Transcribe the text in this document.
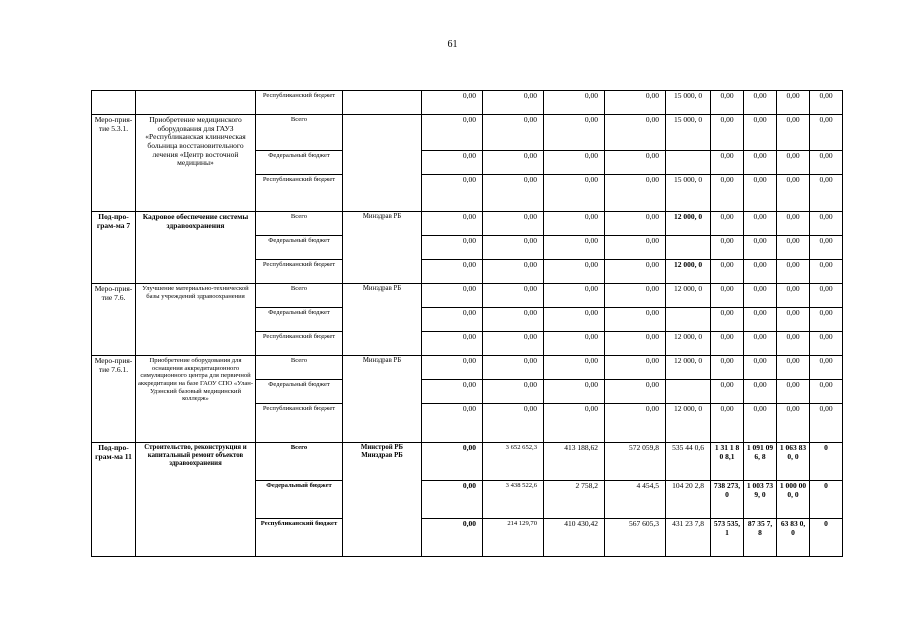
61
		Республиканский бюджет		0,00	0,00	0,00	0,00	15 000, 0	0,00	0,00	0,00	0,00
Меро-прия-тие 5.3.1.	Приобретение медицинского оборудования для ГАУЗ «Республиканская клиническая больница восстановительного лечения «Центр восточной медицины»	Всего		0,00	0,00	0,00	0,00	15 000, 0	0,00	0,00	0,00	0,00
		Федеральный бюджет		0,00	0,00	0,00	0,00		0,00	0,00	0,00	0,00
		Республиканский бюджет		0,00	0,00	0,00	0,00	15 000, 0	0,00	0,00	0,00	0,00
Под-про-грам-ма 7	Кадровое обеспечение системы здравоохранения	Всего	Минздрав РБ	0,00	0,00	0,00	0,00	12 000, 0	0,00	0,00	0,00	0,00
		Федеральный бюджет		0,00	0,00	0,00	0,00		0,00	0,00	0,00	0,00
		Республиканский бюджет		0,00	0,00	0,00	0,00	12 000, 0	0,00	0,00	0,00	0,00
Меро-прия-тие 7.6.	Улучшение материально-технической базы учреждений здравоохранения	Всего	Минздрав РБ	0,00	0,00	0,00	0,00	12 000, 0	0,00	0,00	0,00	0,00
		Федеральный бюджет		0,00	0,00	0,00	0,00		0,00	0,00	0,00	0,00
		Республиканский бюджет		0,00	0,00	0,00	0,00	12 000, 0	0,00	0,00	0,00	0,00
Меро-прия-тие 7.6.1.	Приобретение оборудования для оснащения аккредитационного симуляционного центра для первичной аккредитации на базе ГАОУ СПО «Улан-Удэнский базовый медицинский колледж»	Всего	Минздрав РБ	0,00	0,00	0,00	0,00	12 000, 0	0,00	0,00	0,00	0,00
		Федеральный бюджет		0,00	0,00	0,00	0,00		0,00	0,00	0,00	0,00
		Республиканский бюджет		0,00	0,00	0,00	0,00	12 000, 0	0,00	0,00	0,00	0,00
Под-про-грам-ма 11	Строительство, реконструкция и капитальный ремонт объектов здравоохранения	Всего	Минстрой РБ Минздрав РБ	0,00	3 652 652,3	413 188,62	572 059,8	535 44 0,6	1 31 1 80 8,1	1 091 096, 8	1 063 830, 0	0
		Федеральный бюджет		0,00	3 438 522,6	2 758,2	4 454,5	104 20 2,8	738 273, 0	1 003 739, 0	1 000 000, 0	0
		Республиканский бюджет		0,00	214 129,70	410 430,42	567 605,3	431 23 7,8	573 535, 1	87 35 7,8	63 83 0,0	0
